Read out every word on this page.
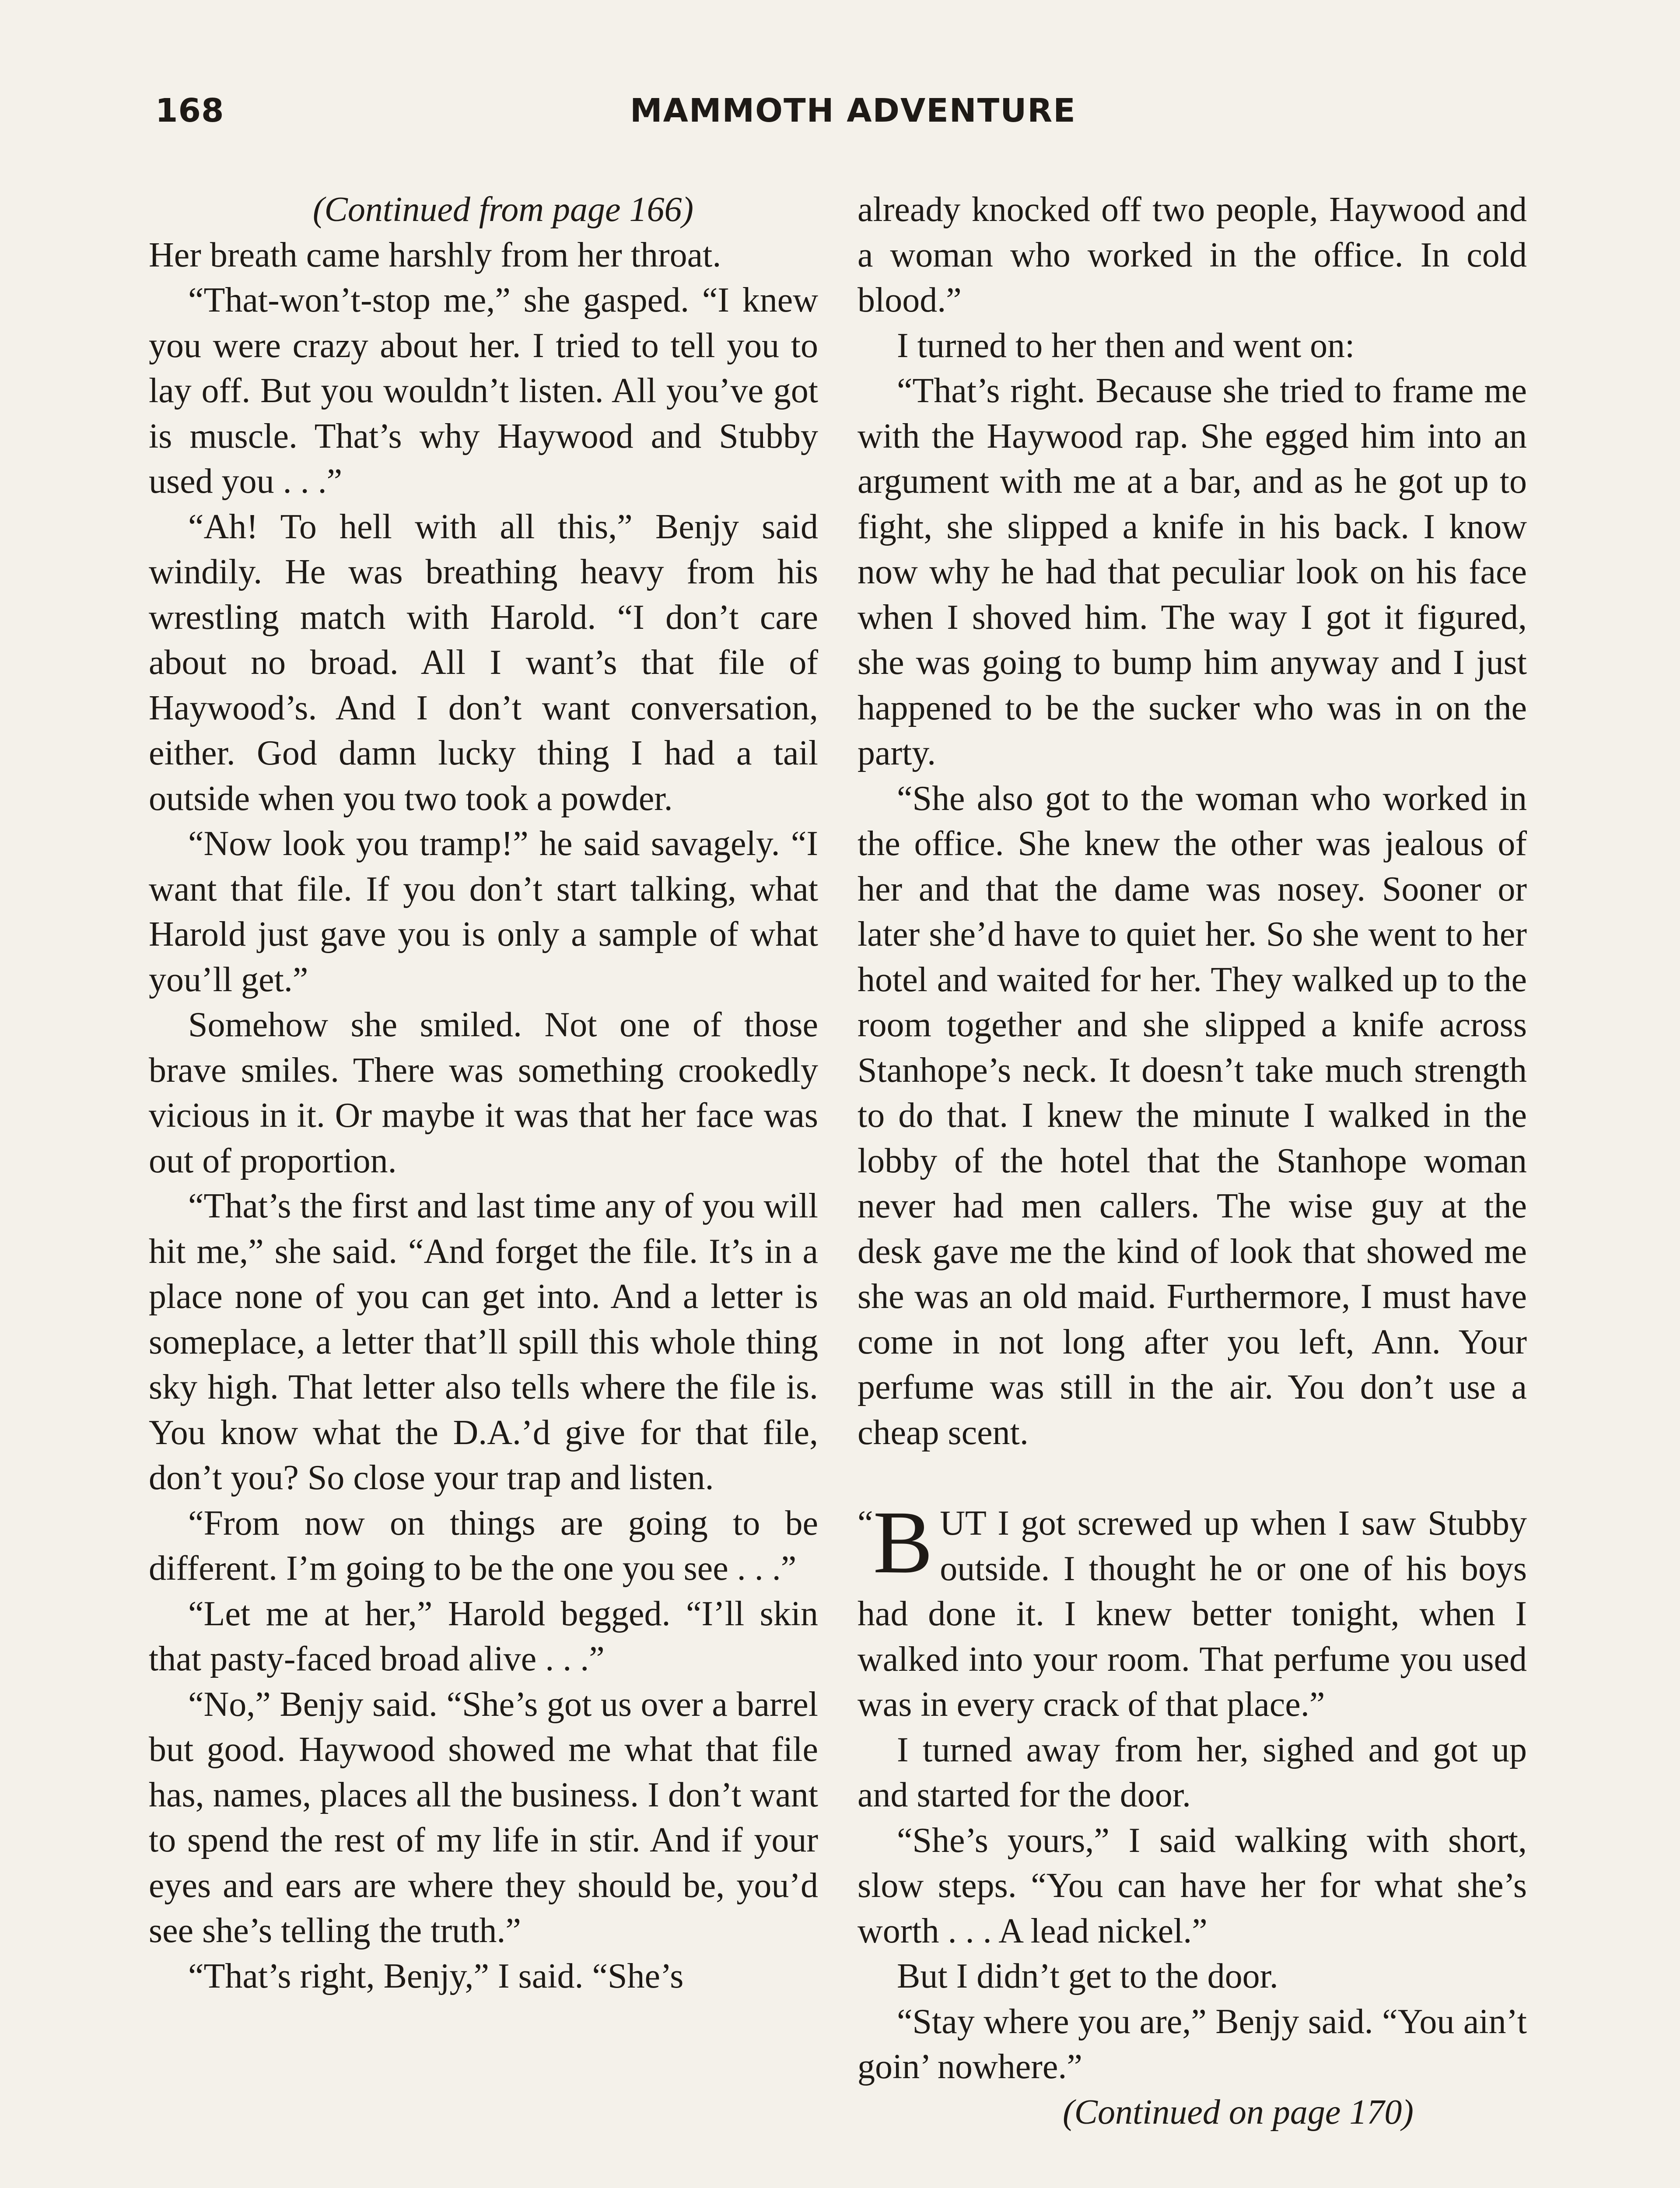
168	MAMMOTH ADVENTURE

(Continued from page 166)

Her breath came harshly from her throat.

“That-won’t-stop me,” she gasped. “I knew you were crazy about her. I tried to tell you to lay off. But you wouldn’t listen. All you’ve got is muscle. That’s why Haywood and Stubby used you . . .”

“Ah! To hell with all this,” Benjy said windily. He was breathing heavy from his wrestling match with Harold. “I don’t care about no broad. All I want’s that file of Haywood’s. And I don’t want conversation, either. God damn lucky thing I had a tail outside when you two took a powder.

“Now look you tramp!” he said savagely. “I want that file. If you don’t start talking, what Harold just gave you is only a sample of what you’ll get.”

Somehow she smiled. Not one of those brave smiles. There was something crookedly vicious in it. Or maybe it was that her face was out of proportion.

“That’s the first and last time any of you will hit me,” she said. “And forget the file. It’s in a place none of you can get into. And a letter is someplace, a letter that’ll spill this whole thing sky high. That letter also tells where the file is. You know what the D.A.’d give for that file, don’t you? So close your trap and listen.

“From now on things are going to be different. I’m going to be the one you see . . .”

“Let me at her,” Harold begged. “I’ll skin that pasty-faced broad alive . . .”

“No,” Benjy said. “She’s got us over a barrel but good. Haywood showed me what that file has, names, places all the business. I don’t want to spend the rest of my life in stir. And if your eyes and ears are where they should be, you’d see she’s telling the truth.”

“That’s right, Benjy,” I said. “She’s

already knocked off two people, Haywood and a woman who worked in the office. In cold blood.”

I turned to her then and went on:

“That’s right. Because she tried to frame me with the Haywood rap. She egged him into an argument with me at a bar, and as he got up to fight, she slipped a knife in his back. I know now why he had that peculiar look on his face when I shoved him. The way I got it figured, she was going to bump him anyway and I just happened to be the sucker who was in on the party.

“She also got to the woman who worked in the office. She knew the other was jealous of her and that the dame was nosey. Sooner or later she’d have to quiet her. So she went to her hotel and waited for her. They walked up to the room together and she slipped a knife across Stanhope’s neck. It doesn’t take much strength to do that. I knew the minute I walked in the lobby of the hotel that the Stanhope woman never had men callers. The wise guy at the desk gave me the kind of look that showed me she was an old maid. Furthermore, I must have come in not long after you left, Ann. Your perfume was still in the air. You don’t use a cheap scent.

“ B UT I got screwed up when I saw Stubby outside. I thought he or one of his boys had done it. I knew better tonight, when I walked into your room. That perfume you used was in every crack of that place.”

I turned away from her, sighed and got up and started for the door.

“She’s yours,” I said walking with short, slow steps. “You can have her for what she’s worth . . . A lead nickel.”

But I didn’t get to the door.

“Stay where you are,” Benjy said. “You ain’t goin’ nowhere.”

(Continued on page 170)
